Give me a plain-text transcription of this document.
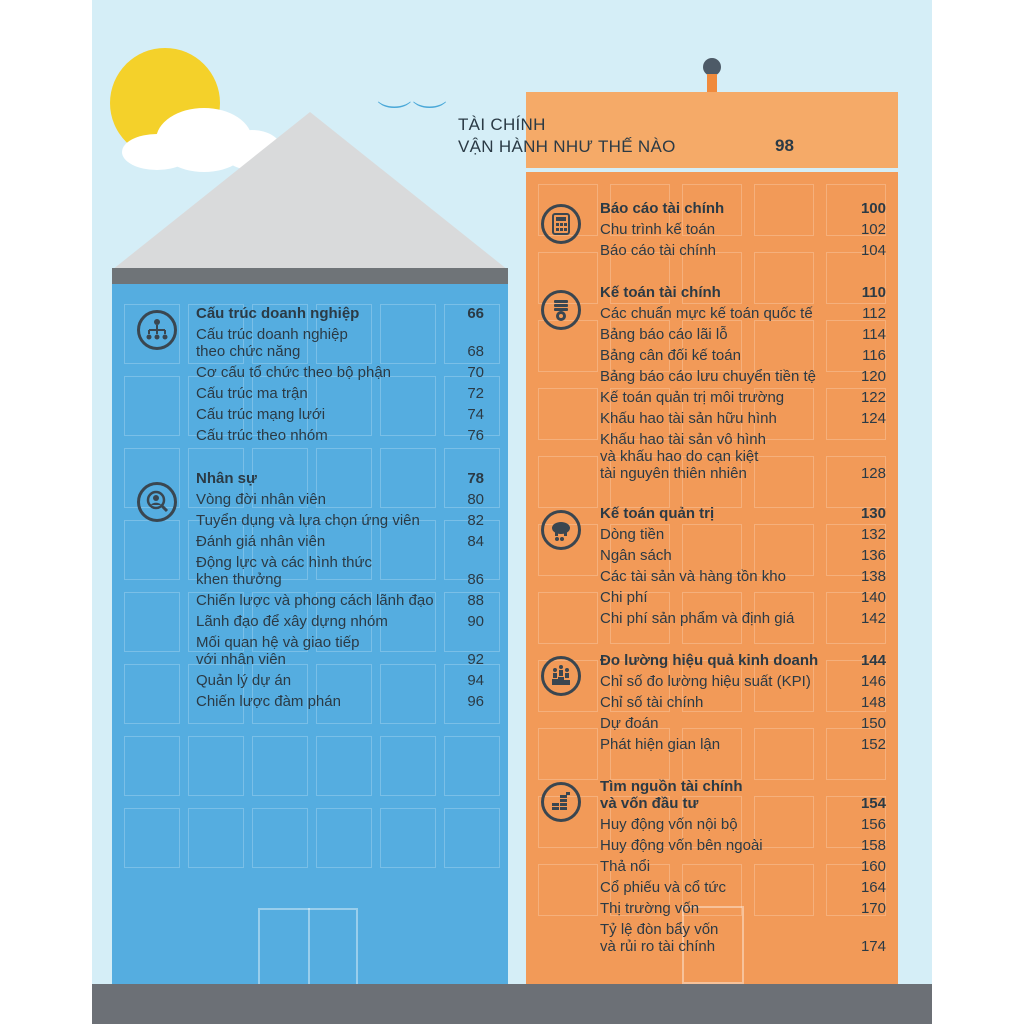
︶︶ TÀI CHÍNH
VẬN HÀNH NHƯ THẾ NÀO	98
Cấu trúc doanh nghiệp	66
Cấu trúc doanh nghiệp
theo chức năng	68
Cơ cấu tổ chức theo bộ phận	70
Cấu trúc ma trận	72
Cấu trúc mạng lưới	74
Cấu trúc theo nhóm	76
Nhân sự	78
Vòng đời nhân viên	80
Tuyển dụng và lựa chọn ứng viên	82
Đánh giá nhân viên	84
Động lực và các hình thức
khen thưởng	86
Chiến lược và phong cách lãnh đạo 88
Lãnh đạo để xây dựng nhóm	90
Mối quan hệ và giao tiếp
với nhân viên	92
Quản lý dự án	94
Chiến lược đàm phán	96
Báo cáo tài chính	100
Chu trình kế toán	102
Báo cáo tài chính	104
Kế toán tài chính	110
Các chuẩn mực kế toán quốc tế	112
Bảng báo cáo lãi lỗ	114
Bảng cân đối kế toán	116
Bảng báo cáo lưu chuyển tiền tệ	120
Kế toán quản trị môi trường	122
Khấu hao tài sản hữu hình	124
Khấu hao tài sản vô hình
và khấu hao do cạn kiệt
tài nguyên thiên nhiên	128
Kế toán quản trị	130
Dòng tiền	132
Ngân sách	136
Các tài sản và hàng tồn kho	138
Chi phí	140
Chi phí sản phẩm và định giá	142
Đo lường hiệu quả kinh doanh	144
Chỉ số đo lường hiệu suất (KPI)	146
Chỉ số tài chính	148
Dự đoán	150
Phát hiện gian lận	152
Tìm nguồn tài chính
và vốn đầu tư	154
Huy động vốn nội bộ	156
Huy động vốn bên ngoài	158
Thả nổi	160
Cổ phiếu và cổ tức	164
Thị trường vốn	170
Tỷ lệ đòn bẩy vốn
và rủi ro tài chính	174
